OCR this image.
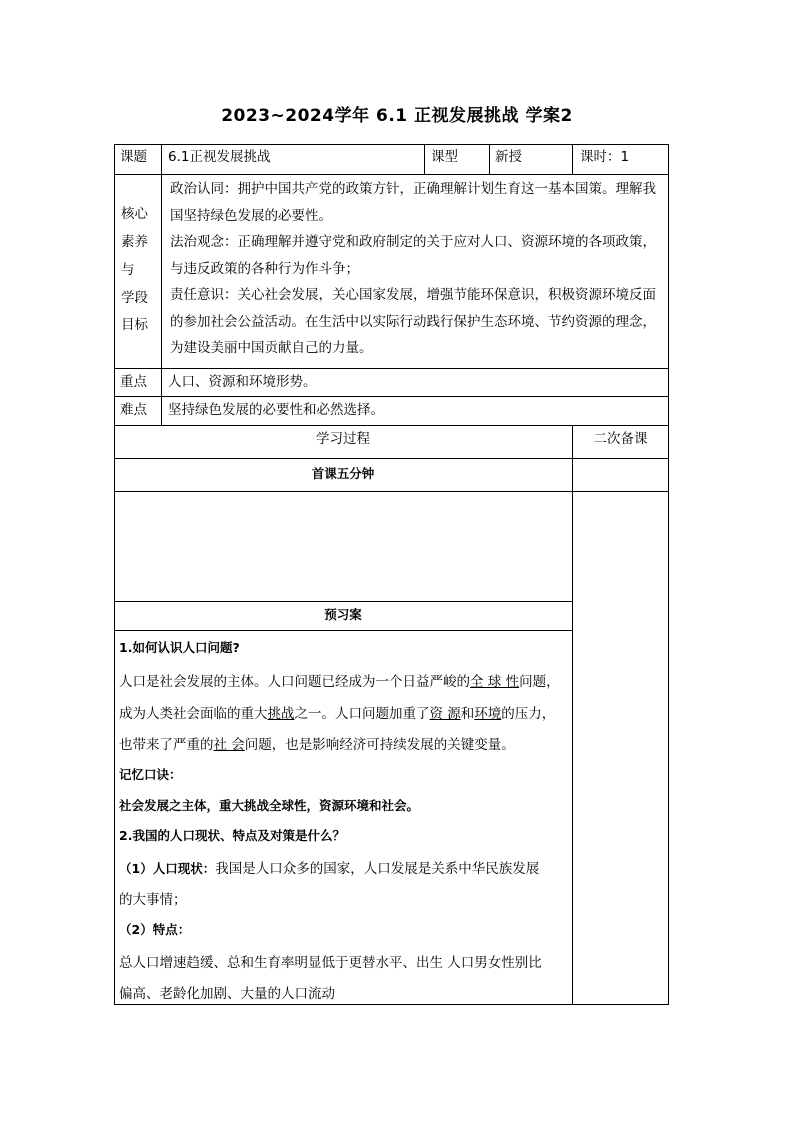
2023~2024学年 6.1 正视发展挑战 学案2
课题 6.1正视发展挑战	课型	新授	课时：1
核心
素养
与
学段
目标

政治认同：拥护中国共产党的政策方针，正确理解计划生育这一基本国策。理解我国坚持绿色发展的必要性。

法治观念：正确理解并遵守党和政府制定的关于应对人口、资源环境的各项政策，与违反政策的各种行为作斗争；

责任意识：关心社会发展，关心国家发展，增强节能环保意识，积极资源环境反面的参加社会公益活动。在生活中以实际行动践行保护生态环境、节约资源的理念，为建设美丽中国贡献自己的力量。

重点 人口、资源和环境形势。
难点 坚持绿色发展的必要性和必然选择。
学习过程	二次备课
首课五分钟
预习案
1.如何认识人口问题?
人口是社会发展的主体。人口问题已经成为一个日益严峻的全 球 性问题，
成为人类社会面临的重大挑战之一。人口问题加重了资 源和环境的压力，
也带来了严重的社 会问题，也是影响经济可持续发展的关键变量。
记忆口诀：
社会发展之主体，重大挑战全球性，资源环境和社会。
2.我国的人口现状、特点及对策是什么？
（1）人口现状：我国是人口众多的国家，人口发展是关系中华民族发展
的大事情；
（2）特点：
总人口增速趋缓、总和生育率明显低于更替水平、出生 人口男女性别比
偏高、老龄化加剧、大量的人口流动
